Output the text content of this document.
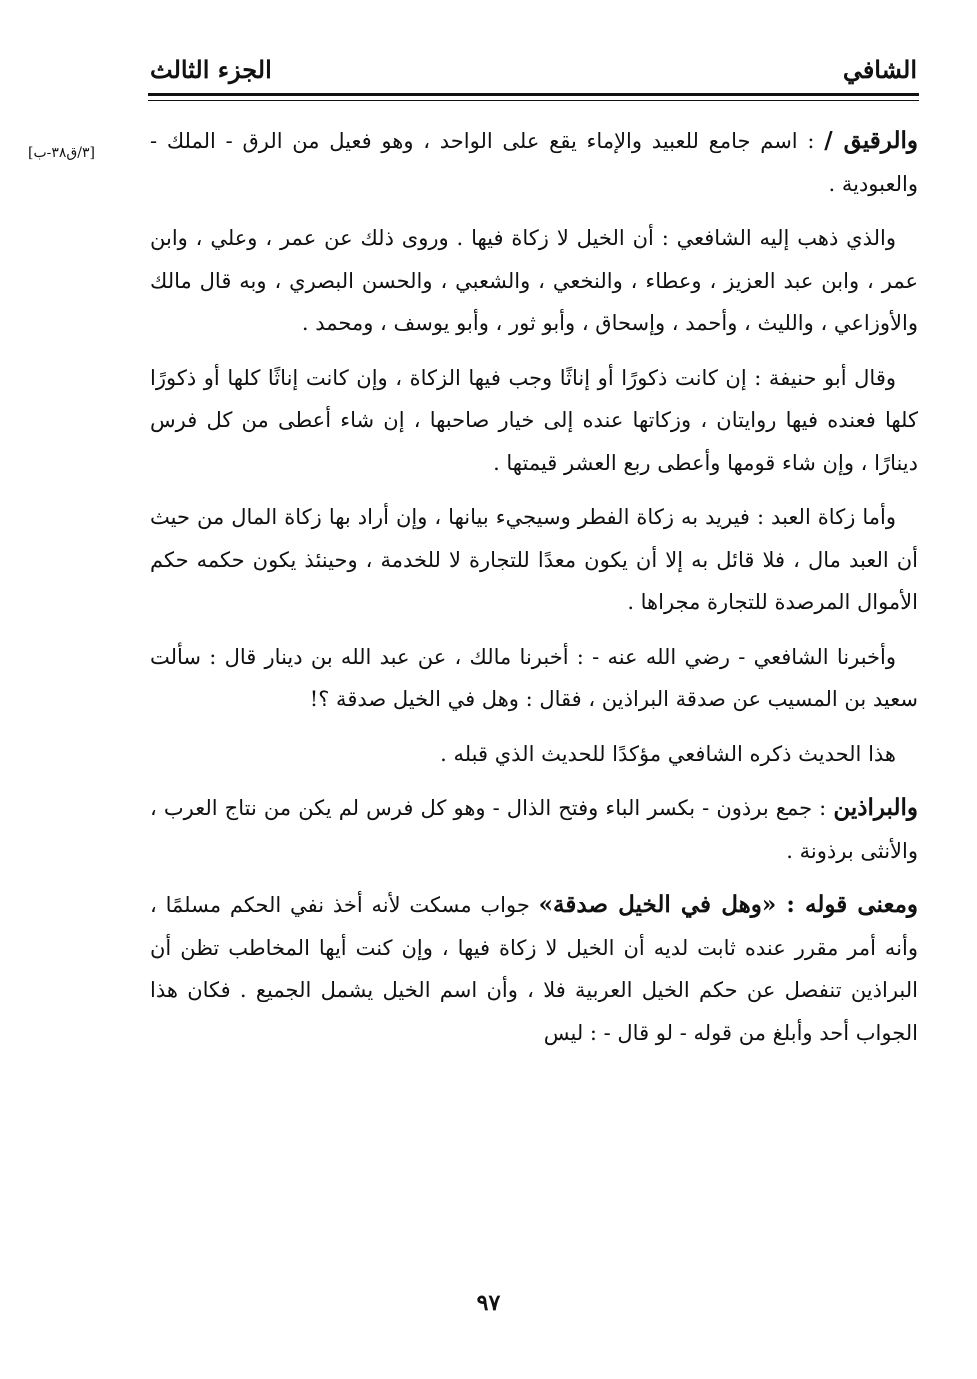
الشافي
الجزء الثالث
[٣/ق٣٨-ب]	والرقيق / : اسم جامع للعبيد والإماء يقع على الواحد ، وهو فعيل من الرق - الملك - والعبودية .

والذي ذهب إليه الشافعي : أن الخيل لا زكاة فيها . وروى ذلك عن عمر ، وعلي ، وابن عمر ، وابن عبد العزيز ، وعطاء ، والنخعي ، والشعبي ، والحسن البصري ، وبه قال مالك والأوزاعي ، والليث ، وأحمد ، وإسحاق ، وأبو ثور ، وأبو يوسف ، ومحمد .

وقال أبو حنيفة : إن كانت ذكورًا أو إناثًا وجب فيها الزكاة ، وإن كانت إناثًا كلها أو ذكورًا كلها فعنده فيها روايتان ، وزكاتها عنده إلى خيار صاحبها ، إن شاء أعطى من كل فرس دينارًا ، وإن شاء قومها وأعطى ربع العشر قيمتها .

وأما زكاة العبد : فيريد به زكاة الفطر وسيجيء بيانها ، وإن أراد بها زكاة المال من حيث أن العبد مال ، فلا قائل به إلا أن يكون معدًا للتجارة لا للخدمة ، وحينئذ يكون حكمه حكم الأموال المرصدة للتجارة مجراها .

وأخبرنا الشافعي - رضي الله عنه - : أخبرنا مالك ، عن عبد الله بن دينار قال : سألت سعيد بن المسيب عن صدقة البراذين ، فقال : وهل في الخيل صدقة ؟!

هذا الحديث ذكره الشافعي مؤكدًا للحديث الذي قبله .

والبراذين : جمع برذون - بكسر الباء وفتح الذال - وهو كل فرس لم يكن من نتاج العرب ، والأنثى برذونة .

ومعنى قوله : «وهل في الخيل صدقة» جواب مسكت لأنه أخذ نفي الحكم مسلمًا ، وأنه أمر مقرر عنده ثابت لديه أن الخيل لا زكاة فيها ، وإن كنت أيها المخاطب تظن أن البراذين تنفصل عن حكم الخيل العربية فلا ، وأن اسم الخيل يشمل الجميع . فكان هذا الجواب أحد وأبلغ من قوله - لو قال - : ليس

٩٧
